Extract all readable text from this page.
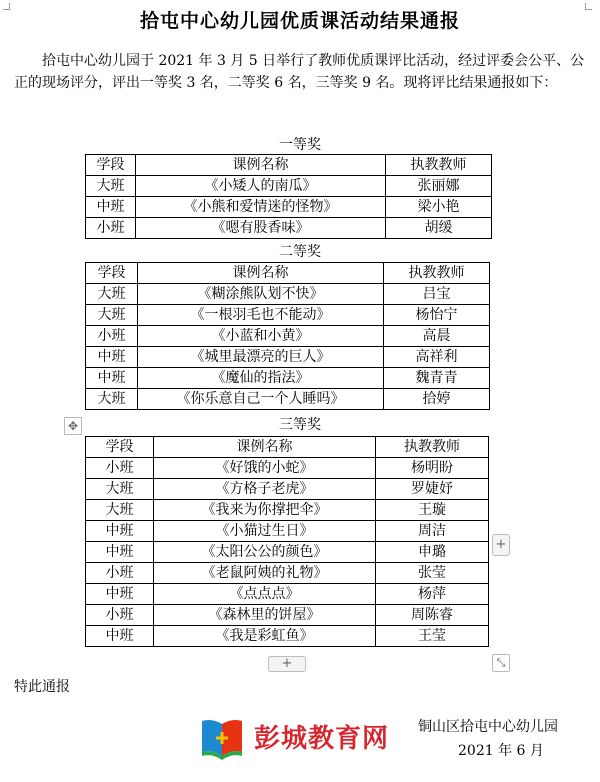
拾屯中心幼儿园优质课活动结果通报

拾屯中心幼儿园于 2021 年 3 月 5 日举行了教师优质课评比活动，经过评委会公平、公正的现场评分，评出一等奖 3 名，二等奖 6 名，三等奖 9 名。现将评比结果通报如下：

一等奖
学段	课例名称	执教教师
大班	《小矮人的南瓜》	张丽娜
中班	《小熊和爱情迷的怪物》	梁小艳
小班	《嗯有股香味》	胡缓
二等奖
学段	课例名称	执教教师
大班	《糊涂熊队划不快》	吕宝
大班	《一根羽毛也不能动》	杨怡宁
小班	《小蓝和小黄》	高晨
中班	《城里最漂亮的巨人》	高祥利
中班	《魔仙的指法》	魏青青
大班	《你乐意自己一个人睡吗》	拾婷
三等奖
学段	课例名称	执教教师
小班	《好饿的小蛇》	杨明盼
大班	《方格子老虎》	罗婕妤
大班	《我来为你撑把伞》	王璇
中班	《小猫过生日》	周洁
中班	《太阳公公的颜色》	申璐
小班	《老鼠阿姨的礼物》	张莹
中班	《点点点》	杨萍
小班	《森林里的饼屋》	周陈睿
中班	《我是彩虹鱼》	王莹
✥
+
+	⤡
特此通报
彭城教育网 铜山区拾屯中心幼儿园
2021 年 6 月
